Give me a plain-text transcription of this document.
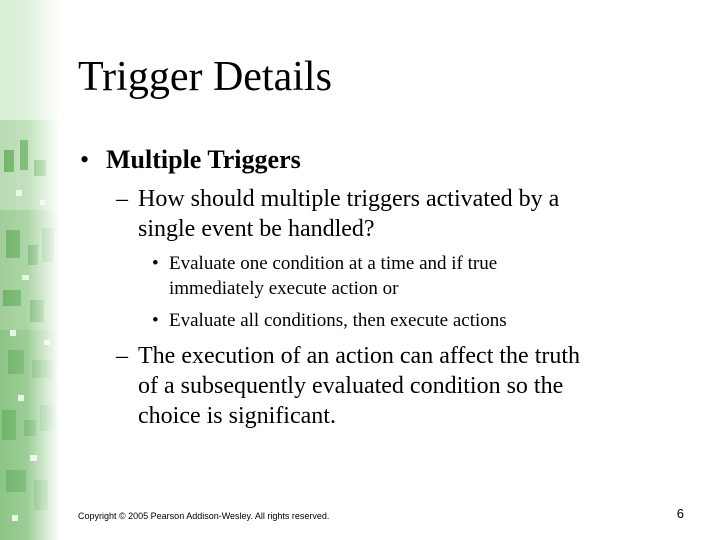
Trigger Details
• Multiple Triggers
– How should multiple triggers activated by a
single event be handled?
• Evaluate one condition at a time and if true
immediately execute action or
• Evaluate all conditions, then execute actions
– The execution of an action can affect the truth
of a subsequently evaluated condition so the
choice is significant.
Copyright © 2005 Pearson Addison-Wesley. All rights reserved.	6
